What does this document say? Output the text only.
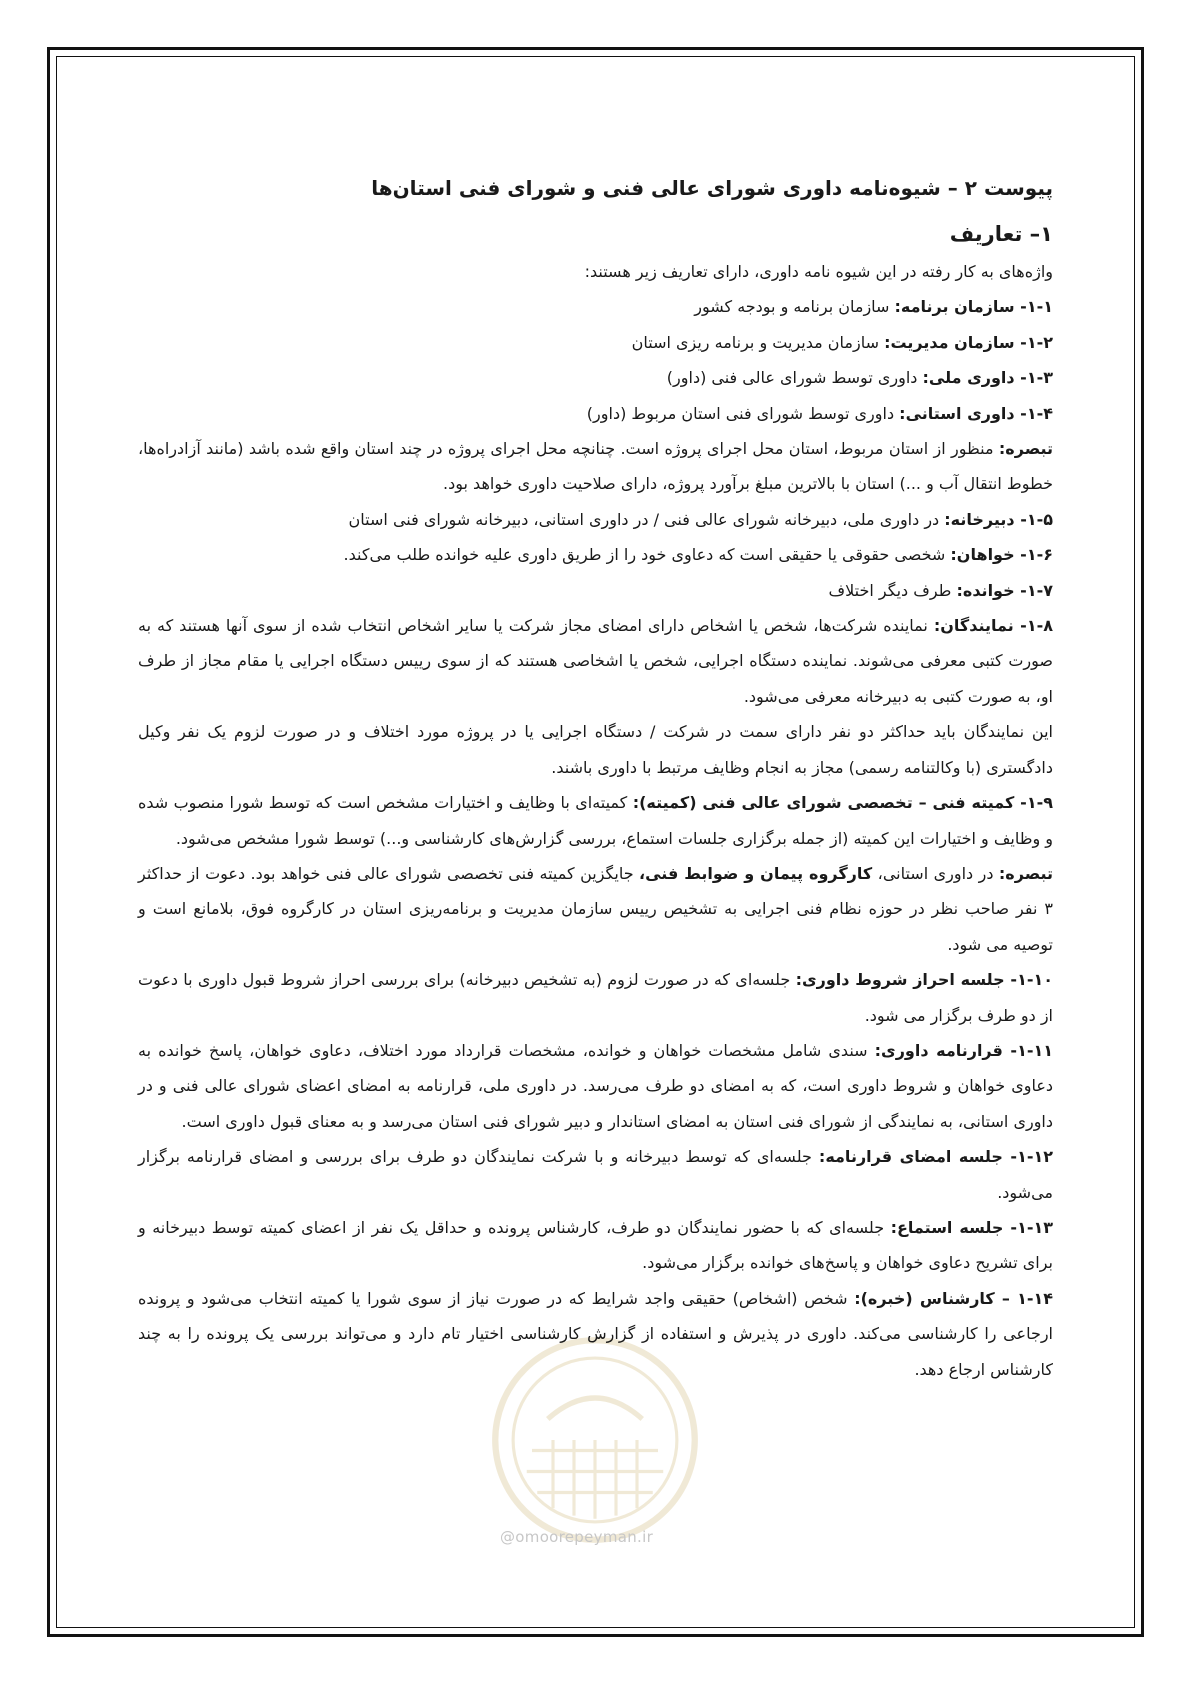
@omoorepeyman.ir

پیوست ۲ – شیوه‌نامه داوری شورای عالی فنی و شورای فنی استان‌ها

۱– تعاریف

واژه‌های به کار رفته در این شیوه نامه داوری، دارای تعاریف زیر هستند:

۱-۱- سازمان برنامه: سازمان برنامه و بودجه کشور

۱-۲- سازمان مدیریت: سازمان مدیریت و برنامه ریزی استان

۱-۳- داوری ملی: داوری توسط شورای عالی فنی (داور)

۱-۴- داوری استانی: داوری توسط شورای فنی استان مربوط (داور)

تبصره: منظور از استان مربوط، استان محل اجرای پروژه است. چنانچه محل اجرای پروژه در چند استان واقع شده باشد (مانند آزادراه‌ها، خطوط انتقال آب و ...) استان با بالاترین مبلغ برآورد پروژه، دارای صلاحیت داوری خواهد بود.

۱-۵- دبیرخانه: در داوری ملی، دبیرخانه شورای عالی فنی / در داوری استانی، دبیرخانه شورای فنی استان

۱-۶- خواهان: شخصی حقوقی یا حقیقی است که دعاوی خود را از طریق داوری علیه خوانده طلب می‌کند.

۱-۷- خوانده: طرف دیگر اختلاف

۱-۸- نمایندگان: نماینده شرکت‌ها، شخص یا اشخاص دارای امضای مجاز شرکت یا سایر اشخاص انتخاب شده از سوی آنها هستند که به صورت کتبی معرفی می‌شوند. نماینده دستگاه اجرایی، شخص یا اشخاصی هستند که از سوی رییس دستگاه اجرایی یا مقام مجاز از طرف او، به صورت کتبی به دبیرخانه معرفی می‌شود.

این نمایندگان باید حداکثر دو نفر دارای سمت در شرکت / دستگاه اجرایی یا در پروژه مورد اختلاف و در صورت لزوم یک نفر وکیل دادگستری (با وکالتنامه رسمی) مجاز به انجام وظایف مرتبط با داوری باشند.

۱-۹- کمیته فنی – تخصصی شورای عالی فنی (کمیته): کمیته‌ای با وظایف و اختیارات مشخص است که توسط شورا منصوب شده و وظایف و اختیارات این کمیته (از جمله برگزاری جلسات استماع، بررسی گزارش‌های کارشناسی و...) توسط شورا مشخص می‌شود.

تبصره: در داوری استانی، کارگروه پیمان و ضوابط فنی، جایگزین کمیته فنی تخصصی شورای عالی فنی خواهد بود. دعوت از حداکثر ۳ نفر صاحب نظر در حوزه نظام فنی اجرایی به تشخیص رییس سازمان مدیریت و برنامه‌ریزی استان در کارگروه فوق، بلامانع است و توصیه می شود.

۱-۱۰- جلسه احراز شروط داوری: جلسه‌ای که در صورت لزوم (به تشخیص دبیرخانه) برای بررسی احراز شروط قبول داوری با دعوت از دو طرف برگزار می شود.

۱-۱۱- قرارنامه داوری: سندی شامل مشخصات خواهان و خوانده، مشخصات قرارداد مورد اختلاف، دعاوی خواهان، پاسخ خوانده به دعاوی خواهان و شروط داوری است، که به امضای دو طرف می‌رسد. در داوری ملی، قرارنامه به امضای اعضای شورای عالی فنی و در داوری استانی، به نمایندگی از شورای فنی استان به امضای استاندار و دبیر شورای فنی استان می‌رسد و به معنای قبول داوری است.

۱-۱۲- جلسه امضای قرارنامه: جلسه‌ای که توسط دبیرخانه و با شرکت نمایندگان دو طرف برای بررسی و امضای قرارنامه برگزار می‌شود.

۱-۱۳- جلسه استماع: جلسه‌ای که با حضور نمایندگان دو طرف، کارشناس پرونده و حداقل یک نفر از اعضای کمیته توسط دبیرخانه و برای تشریح دعاوی خواهان و پاسخ‌های خوانده برگزار می‌شود.

۱-۱۴ – کارشناس (خبره): شخص (اشخاص) حقیقی واجد شرایط که در صورت نیاز از سوی شورا یا کمیته انتخاب می‌شود و پرونده ارجاعی را کارشناسی می‌کند. داوری در پذیرش و استفاده از گزارش کارشناسی اختیار تام دارد و می‌تواند بررسی یک پرونده را به چند کارشناس ارجاع دهد.
